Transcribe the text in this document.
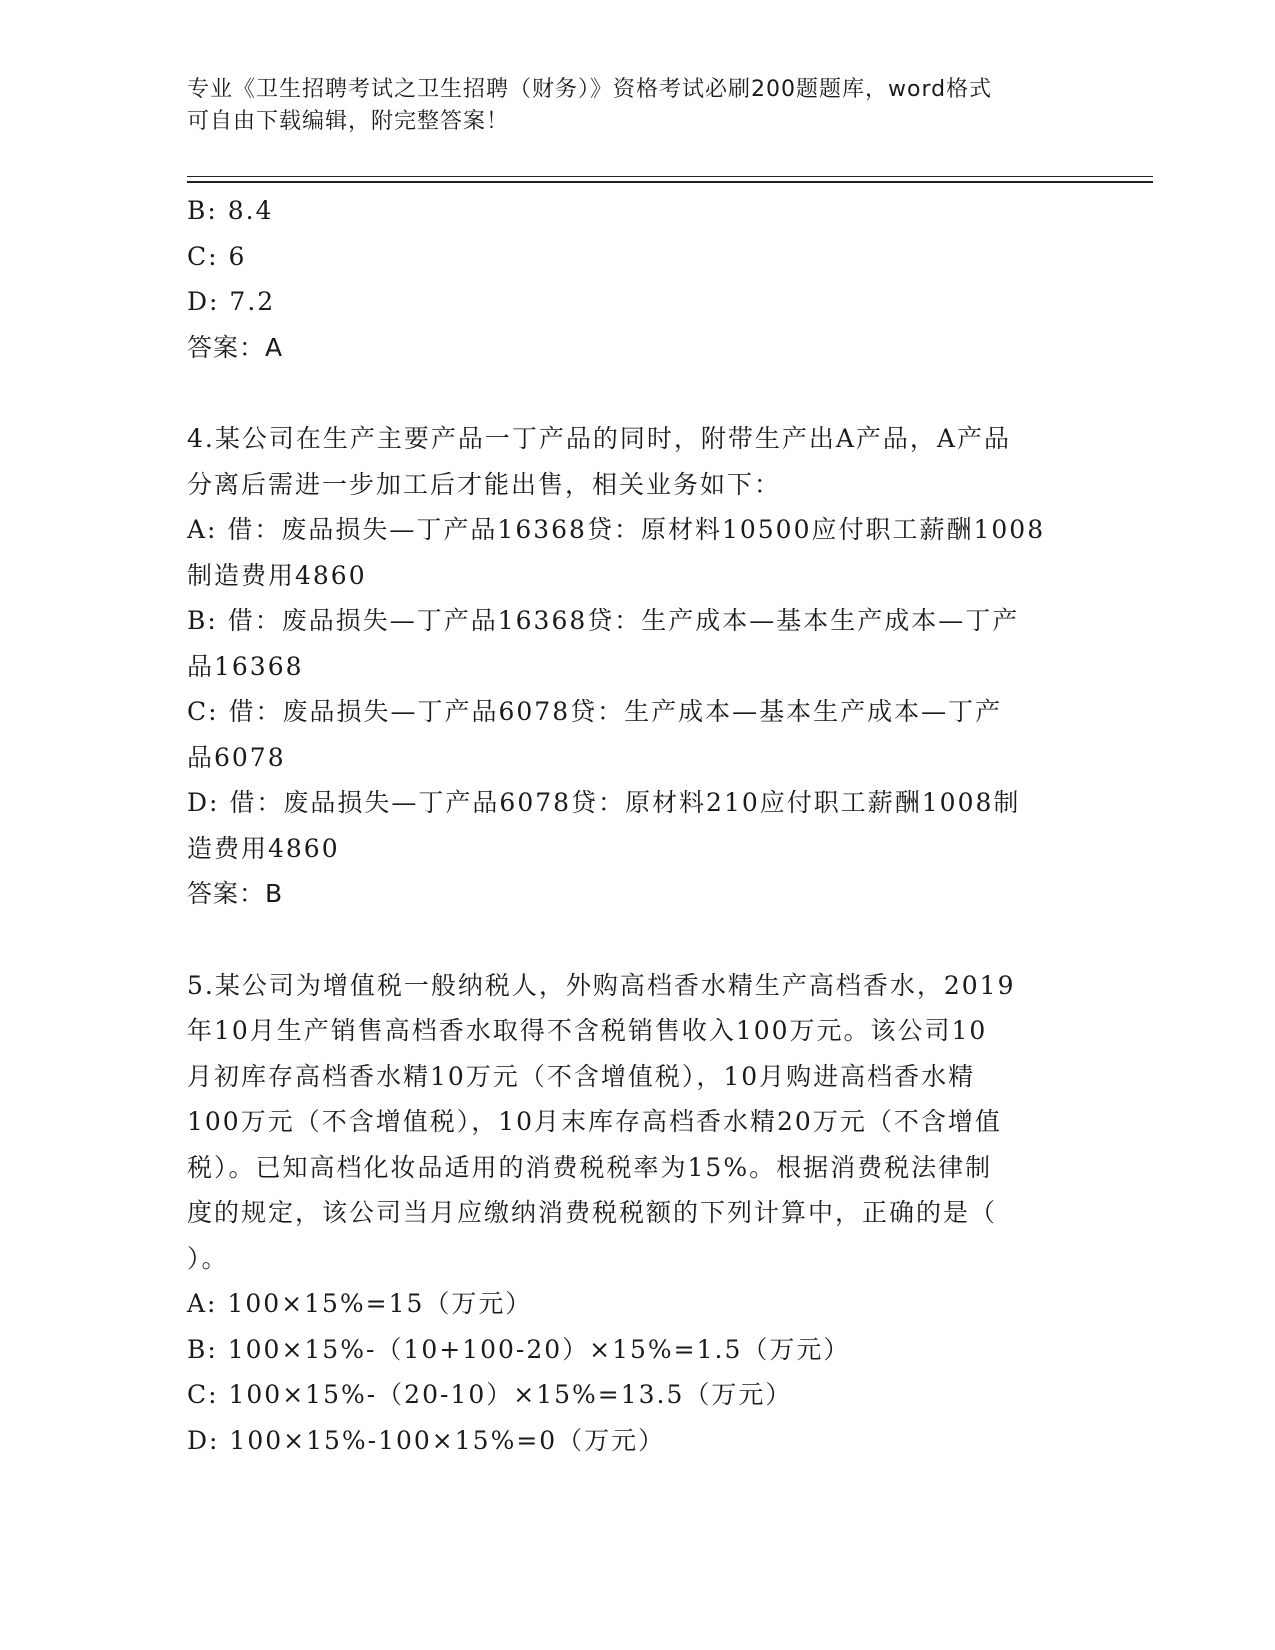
专业《卫生招聘考试之卫生招聘（财务）》资格考试必刷200题题库，word格式
可自由下载编辑，附完整答案！

B: 8.4

C: 6

D: 7.2

答案：A

4.某公司在生产主要产品一丁产品的同时，附带生产出A产品，A产品

分离后需进一步加工后才能出售，相关业务如下：

A: 借：废品损失—丁产品16368贷：原材料10500应付职工薪酬1008

制造费用4860

B: 借：废品损失—丁产品16368贷：生产成本—基本生产成本—丁产

品16368

C: 借：废品损失—丁产品6078贷：生产成本—基本生产成本—丁产

品6078

D: 借：废品损失—丁产品6078贷：原材料210应付职工薪酬1008制

造费用4860

答案：B

5.某公司为增值税一般纳税人，外购高档香水精生产高档香水，2019

年10月生产销售高档香水取得不含税销售收入100万元。该公司10

月初库存高档香水精10万元（不含增值税），10月购进高档香水精

100万元（不含增值税），10月末库存高档香水精20万元（不含增值

税）。已知高档化妆品适用的消费税税率为15%。根据消费税法律制

度的规定，该公司当月应缴纳消费税税额的下列计算中，正确的是（

）。

A: 100×15%=15（万元）

B: 100×15%-（10+100-20）×15%=1.5（万元）

C: 100×15%-（20-10）×15%=13.5（万元）

D: 100×15%-100×15%=0（万元）
